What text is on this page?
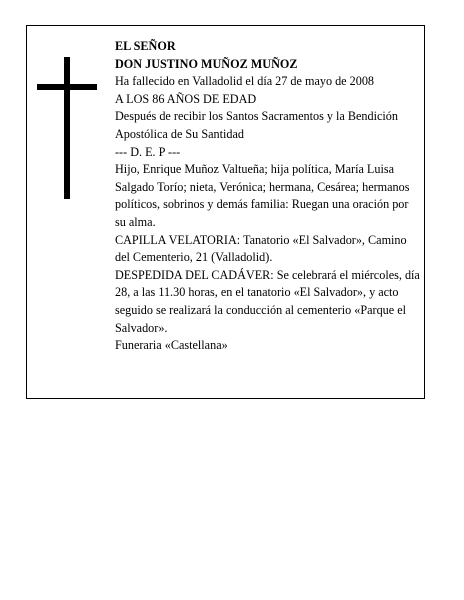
EL SEÑOR

DON JUSTINO MUÑOZ MUÑOZ

Ha fallecido en Valladolid el día 27 de mayo de 2008

A LOS 86 AÑOS DE EDAD

Después de recibir los Santos Sacramentos y la Bendición Apostólica de Su Santidad

--- D. E. P ---

Hijo, Enrique Muñoz Valtueña; hija política, María Luisa Salgado Torío; nieta, Verónica; hermana, Cesárea; hermanos políticos, sobrinos y demás familia: Ruegan una oración por su alma.

CAPILLA VELATORIA: Tanatorio «El Salvador», Camino del Cementerio, 21 (Valladolid).

DESPEDIDA DEL CADÁVER: Se celebrará el miércoles, día 28, a las 11.30 horas, en el tanatorio «El Salvador», y acto seguido se realizará la conducción al cementerio «Parque el Salvador».

Funeraria «Castellana»
